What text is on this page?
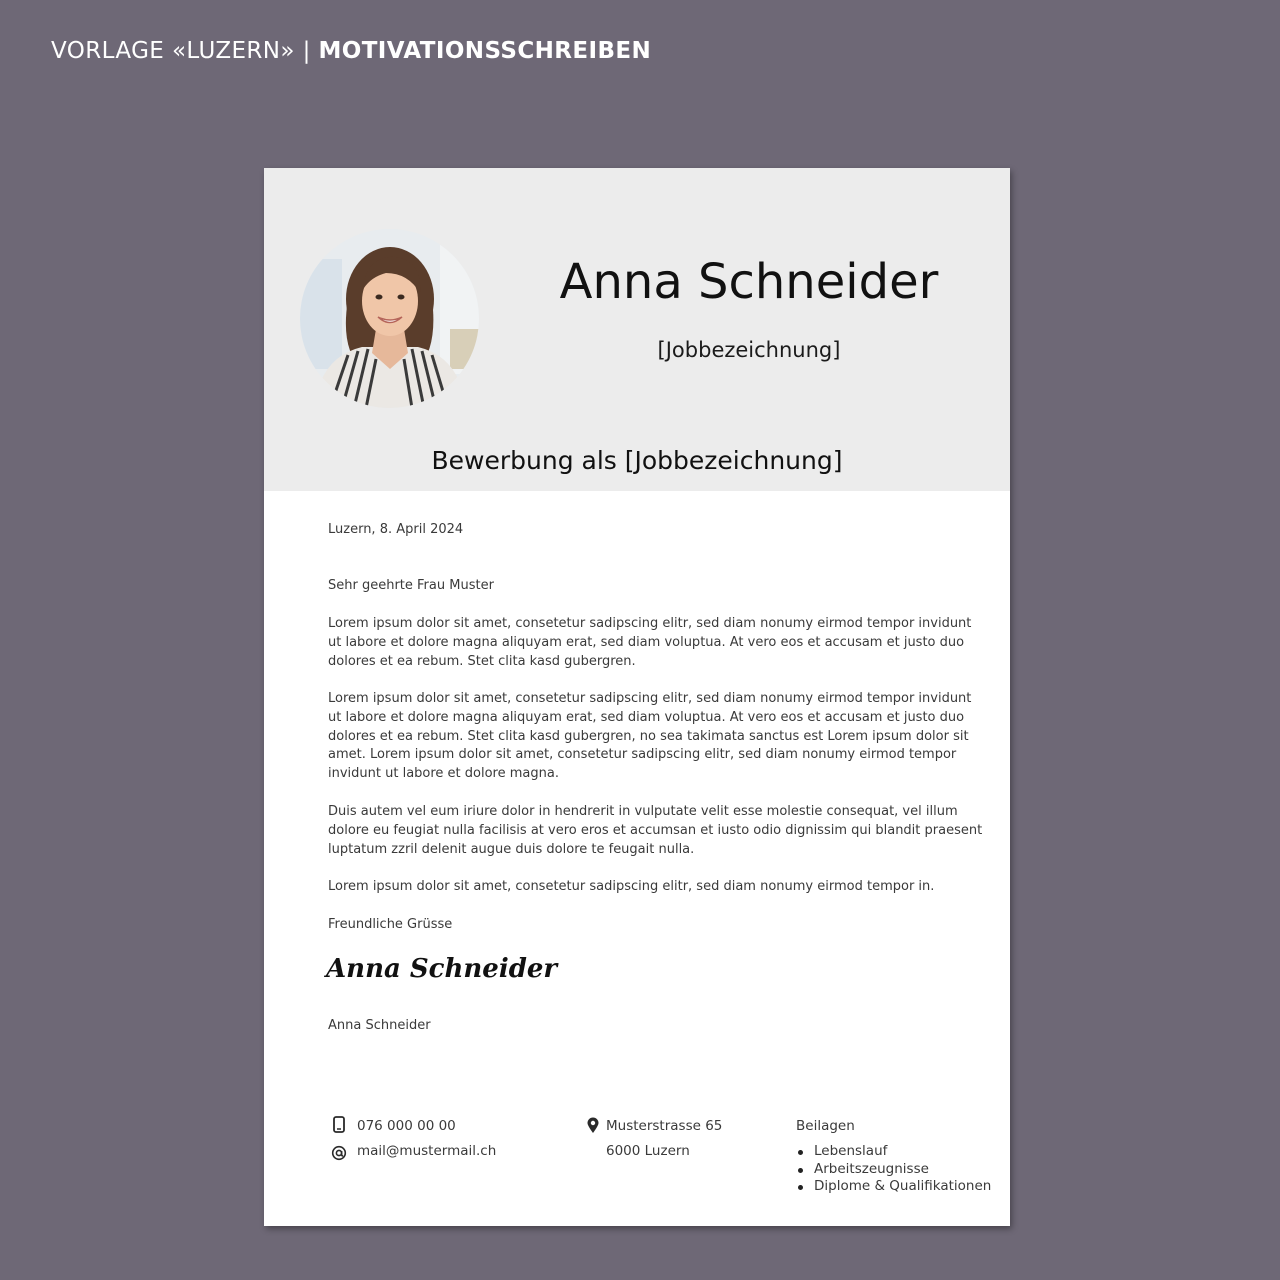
VORLAGE «LUZERN» | MOTIVATIONSSCHREIBEN
Anna Schneider
[Jobbezeichnung]
Bewerbung als [Jobbezeichnung]
Luzern, 8. April 2024
Sehr geehrte Frau Muster
Lorem ipsum dolor sit amet, consetetur sadipscing elitr, sed diam nonumy eirmod tempor invidunt
ut labore et dolore magna aliquyam erat, sed diam voluptua. At vero eos et accusam et justo duo
dolores et ea rebum. Stet clita kasd gubergren.
Lorem ipsum dolor sit amet, consetetur sadipscing elitr, sed diam nonumy eirmod tempor invidunt
ut labore et dolore magna aliquyam erat, sed diam voluptua. At vero eos et accusam et justo duo
dolores et ea rebum. Stet clita kasd gubergren, no sea takimata sanctus est Lorem ipsum dolor sit
amet. Lorem ipsum dolor sit amet, consetetur sadipscing elitr, sed diam nonumy eirmod tempor
invidunt ut labore et dolore magna.
Duis autem vel eum iriure dolor in hendrerit in vulputate velit esse molestie consequat, vel illum
dolore eu feugiat nulla facilisis at vero eros et accumsan et iusto odio dignissim qui blandit praesent
luptatum zzril delenit augue duis dolore te feugait nulla.
Lorem ipsum dolor sit amet, consetetur sadipscing elitr, sed diam nonumy eirmod tempor in.
Freundliche Grüsse
Anna Schneider
Anna Schneider
076 000 00 00
mail@mustermail.ch
Musterstrasse 65
6000 Luzern
Beilagen
Lebenslauf
Arbeitszeugnisse
Diplome & Qualifikationen
